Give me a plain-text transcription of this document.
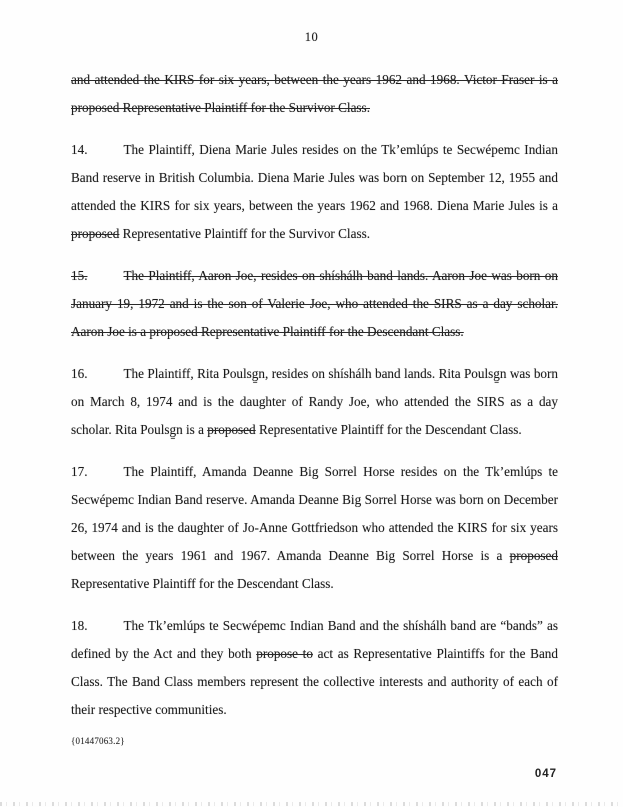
10

and attended the KIRS for six years, between the years 1962 and 1968. Victor Fraser is a proposed Representative Plaintiff for the Survivor Class.

14.	The Plaintiff, Diena Marie Jules resides on the Tk’emlúps te Secwépemc Indian Band reserve in British Columbia. Diena Marie Jules was born on September 12, 1955 and attended the KIRS for six years, between the years 1962 and 1968. Diena Marie Jules is a proposed Representative Plaintiff for the Survivor Class.

15.	The Plaintiff, Aaron Joe, resides on shíshálh band lands. Aaron Joe was born on January 19, 1972 and is the son of Valerie Joe, who attended the SIRS as a day scholar. Aaron Joe is a proposed Representative Plaintiff for the Descendant Class.

16.	The Plaintiff, Rita Poulsg̱n, resides on shíshálh band lands. Rita Poulsg̱n was born on March 8, 1974 and is the daughter of Randy Joe, who attended the SIRS as a day scholar. Rita Poulsg̱n is a proposed Representative Plaintiff for the Descendant Class.

17.	The Plaintiff, Amanda Deanne Big Sorrel Horse resides on the Tk’emlúps te Secwépemc Indian Band reserve. Amanda Deanne Big Sorrel Horse was born on December 26, 1974 and is the daughter of Jo-Anne Gottfriedson who attended the KIRS for six years between the years 1961 and 1967. Amanda Deanne Big Sorrel Horse is a proposed Representative Plaintiff for the Descendant Class.

18.	The Tk’emlúps te Secwépemc Indian Band and the shíshálh band are “bands” as defined by the Act and they both propose to act as Representative Plaintiffs for the Band Class. The Band Class members represent the collective interests and authority of each of their respective communities.

{01447063.2}
047
